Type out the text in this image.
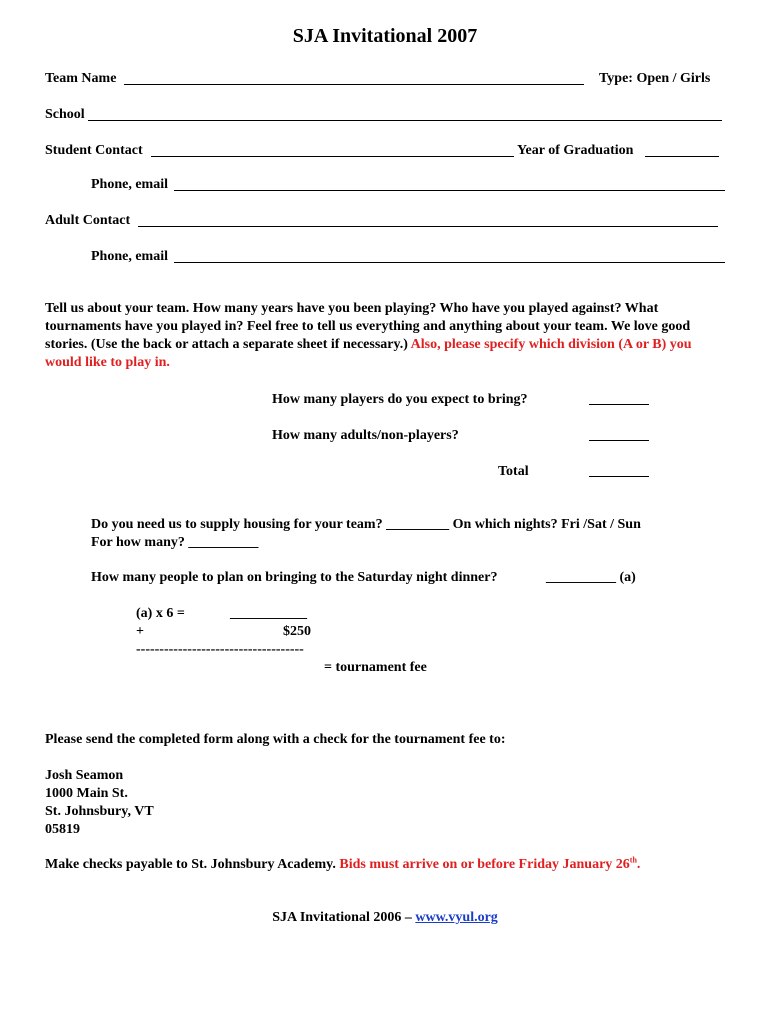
SJA Invitational 2007
Team Name	Type: Open / Girls
School
Student Contact	Year of Graduation
Phone, email
Adult Contact
Phone, email
Tell us about your team. How many years have you been playing? Who have you played against? What tournaments have you played in? Feel free to tell us everything and anything about your team. We love good stories. (Use the back or attach a separate sheet if necessary.) Also, please specify which division (A or B) you would like to play in.
How many players do you expect to bring?
How many adults/non-players?
Total
Do you need us to supply housing for your team? _________ On which nights? Fri /Sat / Sun
For how many? __________
How many people to plan on bringing to the Saturday night dinner?	__________ (a)
(a) x 6 =	___________
+	$250
------------------------------------
= tournament fee
Please send the completed form along with a check for the tournament fee to:
Josh Seamon
1000 Main St.
St. Johnsbury, VT
05819
Make checks payable to St. Johnsbury Academy. Bids must arrive on or before Friday January 26th.
SJA Invitational 2006 – www.vyul.org
